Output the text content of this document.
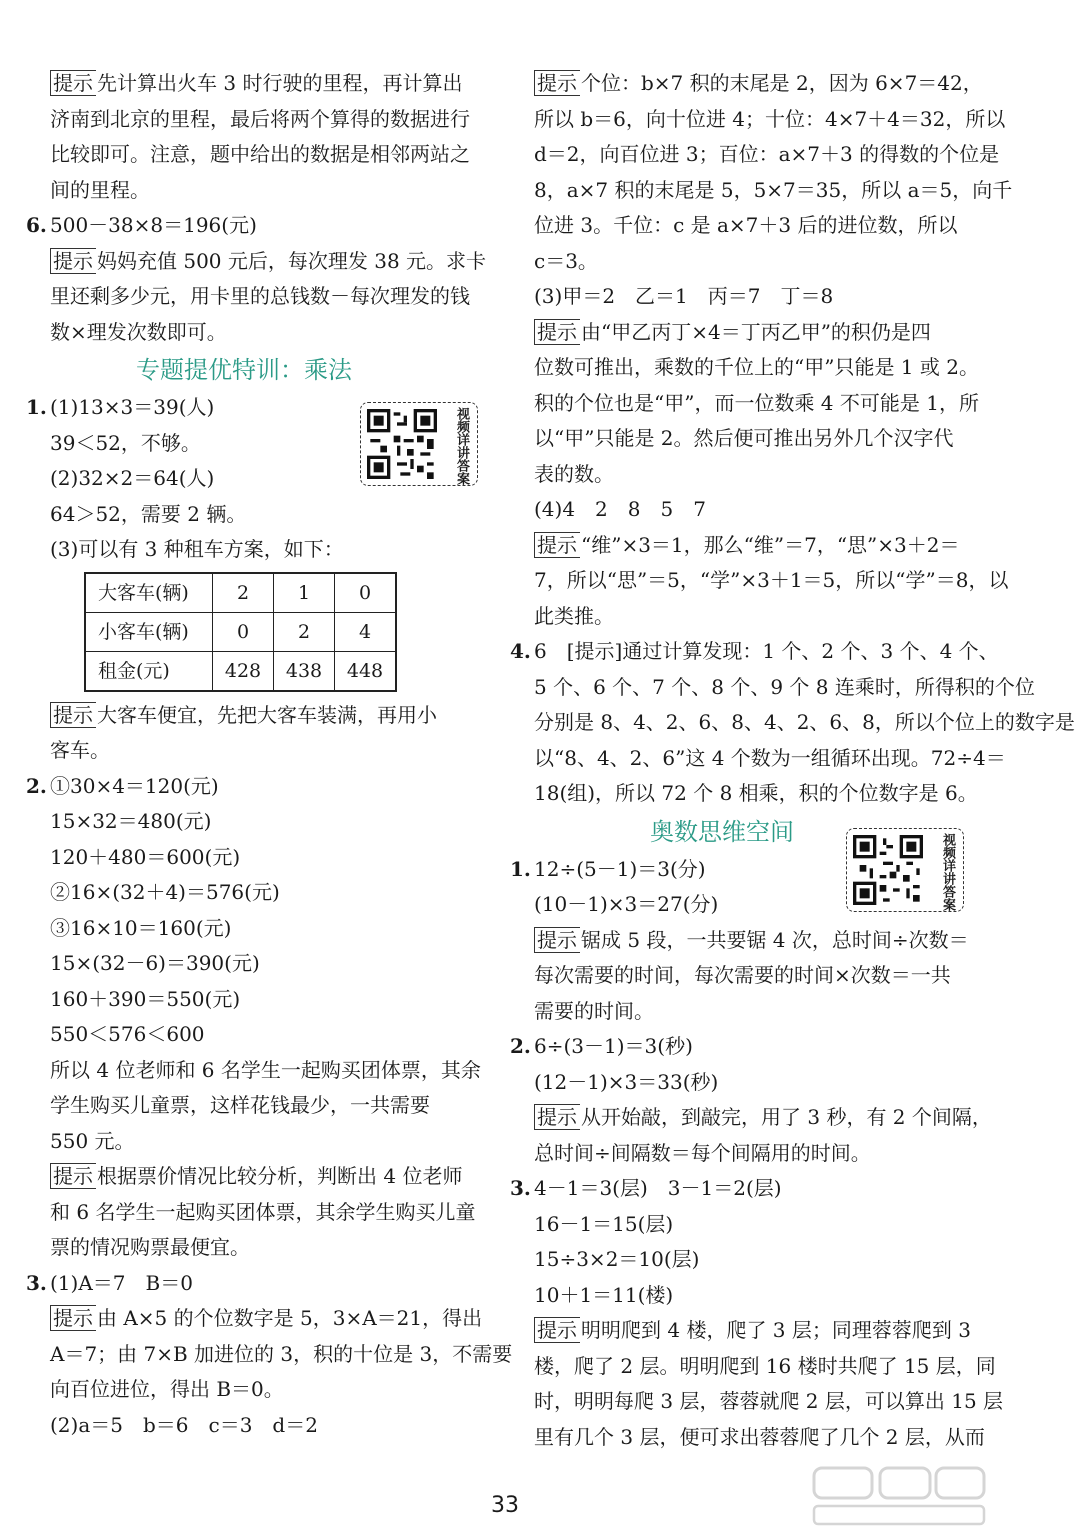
提示 先计算出火车 3 时行驶的里程，再计算出
济南到北京的里程，最后将两个算得的数据进行
比较即可。注意，题中给出的数据是相邻两站之
间的里程。
6. 500－38×8＝196(元)
提示 妈妈充值 500 元后，每次理发 38 元。求卡
里还剩多少元，用卡里的总钱数－每次理发的钱
数×理发次数即可。
专题提优特训：乘法
1. (1)13×3＝39(人)
39＜52，不够。
(2)32×2＝64(人)
64＞52，需要 2 辆。
(3)可以有 3 种租车方案，如下：
大客车(辆)	2	1	0
小客车(辆)	0	2	4
租金(元)	428	438	448
提示 大客车便宜，先把大客车装满，再用小
客车。
2. ①30×4＝120(元)
15×32＝480(元)
120＋480＝600(元)
②16×(32＋4)＝576(元)
③16×10＝160(元)
15×(32－6)＝390(元)
160＋390＝550(元)
550＜576＜600
所以 4 位老师和 6 名学生一起购买团体票，其余
学生购买儿童票，这样花钱最少，一共需要
550 元。
提示 根据票价情况比较分析，判断出 4 位老师
和 6 名学生一起购买团体票，其余学生购买儿童
票的情况购票最便宜。
3. (1)A＝7　B＝0
提示 由 A×5 的个位数字是 5，3×A＝21，得出
A＝7；由 7×B 加进位的 3，积的十位是 3，不需要
向百位进位，得出 B＝0。
(2)a＝5　b＝6　c＝3　d＝2
提示 个位：b×7 积的末尾是 2，因为 6×7＝42，
所以 b＝6，向十位进 4；十位：4×7＋4＝32，所以
d＝2，向百位进 3；百位：a×7＋3 的得数的个位是
8，a×7 积的末尾是 5，5×7＝35，所以 a＝5，向千
位进 3。千位：c 是 a×7＋3 后的进位数，所以
c＝3。
(3)甲＝2　乙＝1　丙＝7　丁＝8
提示 由“甲乙丙丁×4＝丁丙乙甲”的积仍是四
位数可推出，乘数的千位上的“甲”只能是 1 或 2。
积的个位也是“甲”，而一位数乘 4 不可能是 1，所
以“甲”只能是 2。然后便可推出另外几个汉字代
表的数。
(4)4　2　8　5　7
提示 “维”×3＝1，那么“维”＝7，“思”×3＋2＝
7，所以“思”＝5，“学”×3＋1＝5，所以“学”＝8，以
此类推。
4. 6　[提示]通过计算发现：1 个、2 个、3 个、4 个、
5 个、6 个、7 个、8 个、9 个 8 连乘时，所得积的个位
分别是 8、4、2、6、8、4、2、6、8，所以个位上的数字是
以“8、4、2、6”这 4 个数为一组循环出现。72÷4＝
18(组)，所以 72 个 8 相乘，积的个位数字是 6。
奥数思维空间
1. 12÷(5－1)＝3(分)
(10－1)×3＝27(分)
提示 锯成 5 段，一共要锯 4 次，总时间÷次数＝
每次需要的时间，每次需要的时间×次数＝一共
需要的时间。
2. 6÷(3－1)＝3(秒)
(12－1)×3＝33(秒)
提示 从开始敲，到敲完，用了 3 秒，有 2 个间隔，
总时间÷间隔数＝每个间隔用的时间。
3. 4－1＝3(层)　3－1＝2(层)
16－1＝15(层)
15÷3×2＝10(层)
10＋1＝11(楼)
提示 明明爬到 4 楼，爬了 3 层；同理蓉蓉爬到 3
楼，爬了 2 层。明明爬到 16 楼时共爬了 15 层，同
时，明明每爬 3 层，蓉蓉就爬 2 层，可以算出 15 层
里有几个 3 层，便可求出蓉蓉爬了几个 2 层，从而
视频详讲答案
视频详讲答案
33
